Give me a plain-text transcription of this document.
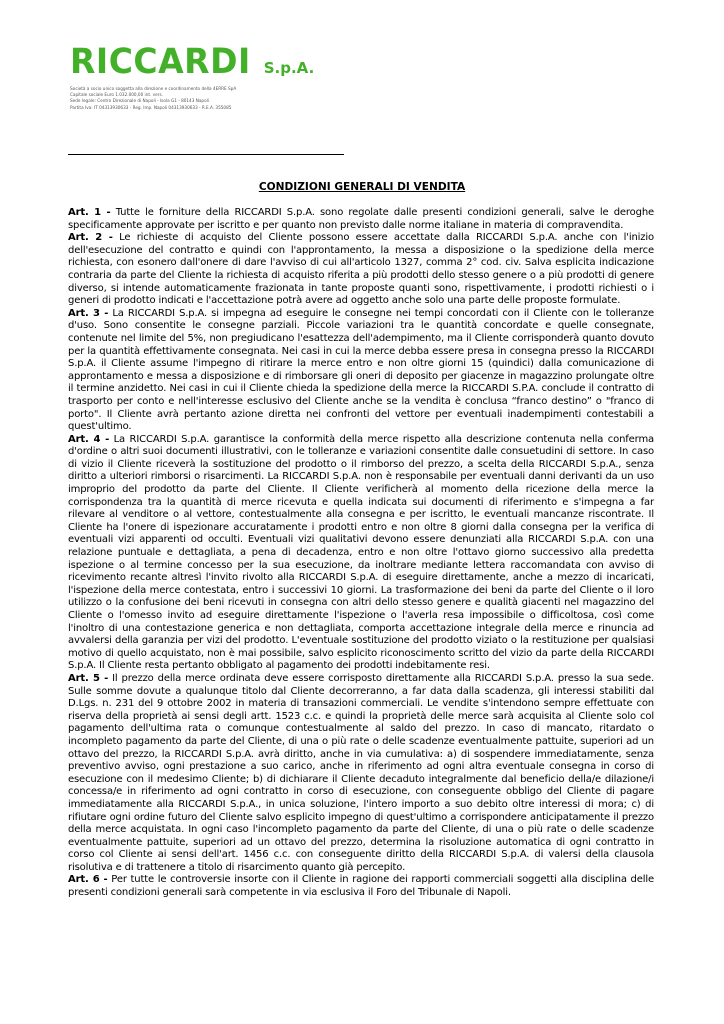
RICCARDI S.p.A.
Società a socio unico soggetta alla direzione e coordinamento della 4ERRE SpA
Capitale sociale Euro 1.032.000,00 int. vers.
Sede legale: Centro Direzionale di Napoli - Isola G1 - 80143 Napoli
Partita Iva: IT 04313930633 - Reg. Imp. Napoli 04313930633 - R.E.A. 355085
CONDIZIONI GENERALI DI VENDITA

Art. 1 - Tutte le forniture della RICCARDI S.p.A. sono regolate dalle presenti condizioni generali, salve le deroghe specificamente approvate per iscritto e per quanto non previsto dalle norme italiane in materia di compravendita.

Art. 2 - Le richieste di acquisto del Cliente possono essere accettate dalla RICCARDI S.p.A. anche con l'inizio dell'esecuzione del contratto e quindi con l'approntamento, la messa a disposizione o la spedizione della merce richiesta, con esonero dall'onere di dare l'avviso di cui all'articolo 1327, comma 2° cod. civ. Salva esplicita indicazione contraria da parte del Cliente la richiesta di acquisto riferita a più prodotti dello stesso genere o a più prodotti di genere diverso, si intende automaticamente frazionata in tante proposte quanti sono, rispettivamente, i prodotti richiesti o i generi di prodotto indicati e l'accettazione potrà avere ad oggetto anche solo una parte delle proposte formulate.

Art. 3 - La RICCARDI S.p.A. si impegna ad eseguire le consegne nei tempi concordati con il Cliente con le tolleranze d'uso. Sono consentite le consegne parziali. Piccole variazioni tra le quantità concordate e quelle consegnate, contenute nel limite del 5%, non pregiudicano l'esattezza dell'adempimento, ma il Cliente corrisponderà quanto dovuto per la quantità effettivamente consegnata. Nei casi in cui la merce debba essere presa in consegna presso la RICCARDI S.p.A. il Cliente assume l'impegno di ritirare la merce entro e non oltre giorni 15 (quindici) dalla comunicazione di approntamento e messa a disposizione e di rimborsare gli oneri di deposito per giacenze in magazzino prolungate oltre il termine anzidetto. Nei casi in cui il Cliente chieda la spedizione della merce la RICCARDI S.P.A. conclude il contratto di trasporto per conto e nell'interesse esclusivo del Cliente anche se la vendita è conclusa “franco destino” o "franco di porto". Il Cliente avrà pertanto azione diretta nei confronti del vettore per eventuali inadempimenti contestabili a quest'ultimo.

Art. 4 - La RICCARDI S.p.A. garantisce la conformità della merce rispetto alla descrizione contenuta nella conferma d'ordine o altri suoi documenti illustrativi, con le tolleranze e variazioni consentite dalle consuetudini di settore. In caso di vizio il Cliente riceverà la sostituzione del prodotto o il rimborso del prezzo, a scelta della RICCARDI S.p.A., senza diritto a ulteriori rimborsi o risarcimenti. La RICCARDI S.p.A. non è responsabile per eventuali danni derivanti da un uso improprio del prodotto da parte del Cliente. Il Cliente verificherà al momento della ricezione della merce la corrispondenza tra la quantità di merce ricevuta e quella indicata sui documenti di riferimento e s'impegna a far rilevare al venditore o al vettore, contestualmente alla consegna e per iscritto, le eventuali mancanze riscontrate. Il Cliente ha l'onere di ispezionare accuratamente i prodotti entro e non oltre 8 giorni dalla consegna per la verifica di eventuali vizi apparenti od occulti. Eventuali vizi qualitativi devono essere denunziati alla RICCARDI S.p.A. con una relazione puntuale e dettagliata, a pena di decadenza, entro e non oltre l'ottavo giorno successivo alla predetta ispezione o al termine concesso per la sua esecuzione, da inoltrare mediante lettera raccomandata con avviso di ricevimento recante altresì l'invito rivolto alla RICCARDI S.p.A. di eseguire direttamente, anche a mezzo di incaricati, l'ispezione della merce contestata, entro i successivi 10 giorni. La trasformazione dei beni da parte del Cliente o il loro utilizzo o la confusione dei beni ricevuti in consegna con altri dello stesso genere e qualità giacenti nel magazzino del Cliente o l'omesso invito ad eseguire direttamente l'ispezione o l'averla resa impossibile o difficoltosa, così come l'inoltro di una contestazione generica e non dettagliata, comporta accettazione integrale della merce e rinuncia ad avvalersi della garanzia per vizi del prodotto. L'eventuale sostituzione del prodotto viziato o la restituzione per qualsiasi motivo di quello acquistato, non è mai possibile, salvo esplicito riconoscimento scritto del vizio da parte della RICCARDI S.p.A. Il Cliente resta pertanto obbligato al pagamento dei prodotti indebitamente resi.

Art. 5 - Il prezzo della merce ordinata deve essere corrisposto direttamente alla RICCARDI S.p.A. presso la sua sede. Sulle somme dovute a qualunque titolo dal Cliente decorreranno, a far data dalla scadenza, gli interessi stabiliti dal D.Lgs. n. 231 del 9 ottobre 2002 in materia di transazioni commerciali. Le vendite s'intendono sempre effettuate con riserva della proprietà ai sensi degli artt. 1523 c.c. e quindi la proprietà delle merce sarà acquisita al Cliente solo col pagamento dell'ultima rata o comunque contestualmente al saldo del prezzo. In caso di mancato, ritardato o incompleto pagamento da parte del Cliente, di una o più rate o delle scadenze eventualmente pattuite, superiori ad un ottavo del prezzo, la RICCARDI S.p.A. avrà diritto, anche in via cumulativa: a) di sospendere immediatamente, senza preventivo avviso, ogni prestazione a suo carico, anche in riferimento ad ogni altra eventuale consegna in corso di esecuzione con il medesimo Cliente; b) di dichiarare il Cliente decaduto integralmente dal beneficio della/e dilazione/i concessa/e in riferimento ad ogni contratto in corso di esecuzione, con conseguente obbligo del Cliente di pagare immediatamente alla RICCARDI S.p.A., in unica soluzione, l'intero importo a suo debito oltre interessi di mora; c) di rifiutare ogni ordine futuro del Cliente salvo esplicito impegno di quest'ultimo a corrispondere anticipatamente il prezzo della merce acquistata. In ogni caso l'incompleto pagamento da parte del Cliente, di una o più rate o delle scadenze eventualmente pattuite, superiori ad un ottavo del prezzo, determina la risoluzione automatica di ogni contratto in corso col Cliente ai sensi dell'art. 1456 c.c. con conseguente diritto della RICCARDI S.p.A. di valersi della clausola risolutiva e di trattenere a titolo di risarcimento quanto già percepito.

Art. 6 - Per tutte le controversie insorte con il Cliente in ragione dei rapporti commerciali soggetti alla disciplina delle presenti condizioni generali sarà competente in via esclusiva il Foro del Tribunale di Napoli.
